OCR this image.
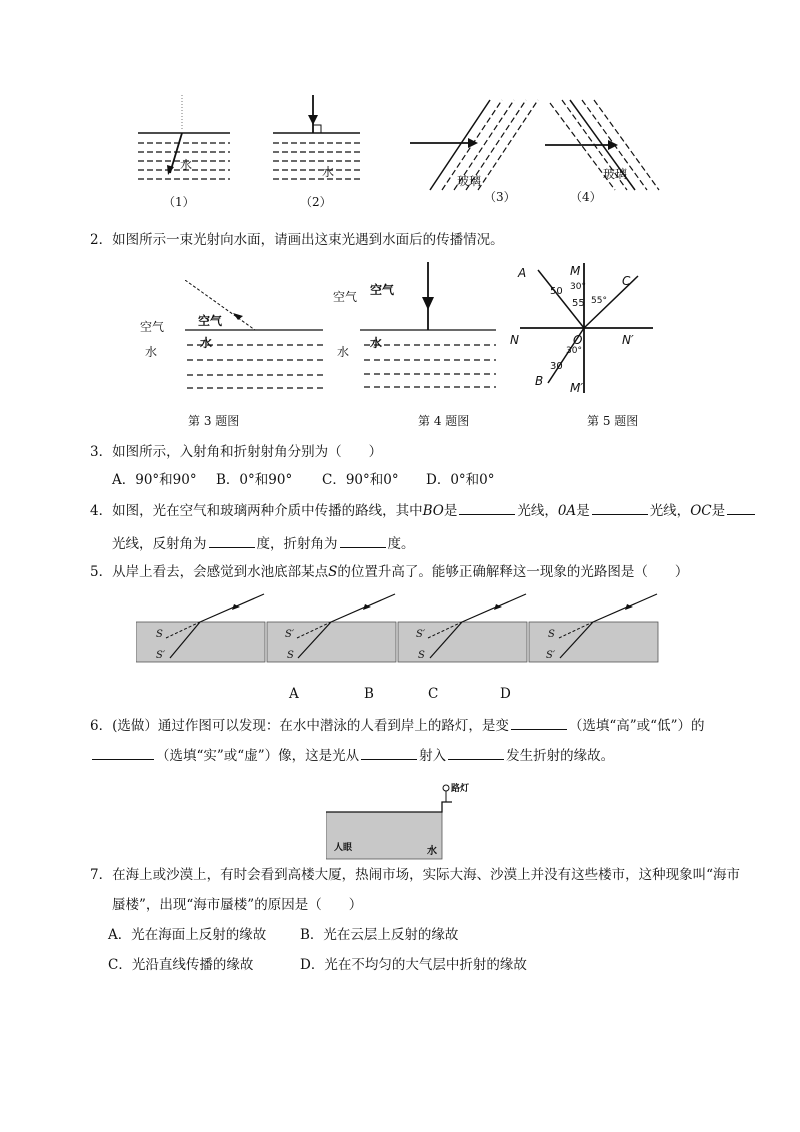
水	水
玻璃	玻璃
（1）	（2）	（3）	（4）
2．如图所示一束光射向水面，请画出这束光遇到水面后的传播情况。
空气	空气
水
水
第 3 题图
空气 空气
水
水
第 4 题图
A	M
C
50 30°
55 55°
N	O	N′
30
30°
B M′
第 5 题图
3．如图所示，入射角和折射射角分别为（　　）
A．90°和90° B．0°和90° C．90°和0° D．0°和0°
4．如图，光在空气和玻璃两种介质中传播的路线，其中BO是	光线，0A是	光线，OC是
光线，反射角为	度，折射角为	度。
5．从岸上看去，会感觉到水池底部某点S的位置升高了。能够正确解释这一现象的光路图是（　　）
S
S′
S′
S
S′
S
S
S′
A	B	C	D
6．(选做）通过作图可以发现：在水中潜泳的人看到岸上的路灯，是变	（选填“高”或“低”）的
（选填“实”或“虚”）像，这是光从	射入	发生折射的缘故。
路灯
人眼	水
7．在海上或沙漠上，有时会看到高楼大厦，热闹市场，实际大海、沙漠上并没有这些楼市，这种现象叫“海市
蜃楼”，出现“海市蜃楼”的原因是（　　）
A．光在海面上反射的缘故	B．光在云层上反射的缘故
C．光沿直线传播的缘故	D．光在不均匀的大气层中折射的缘故
